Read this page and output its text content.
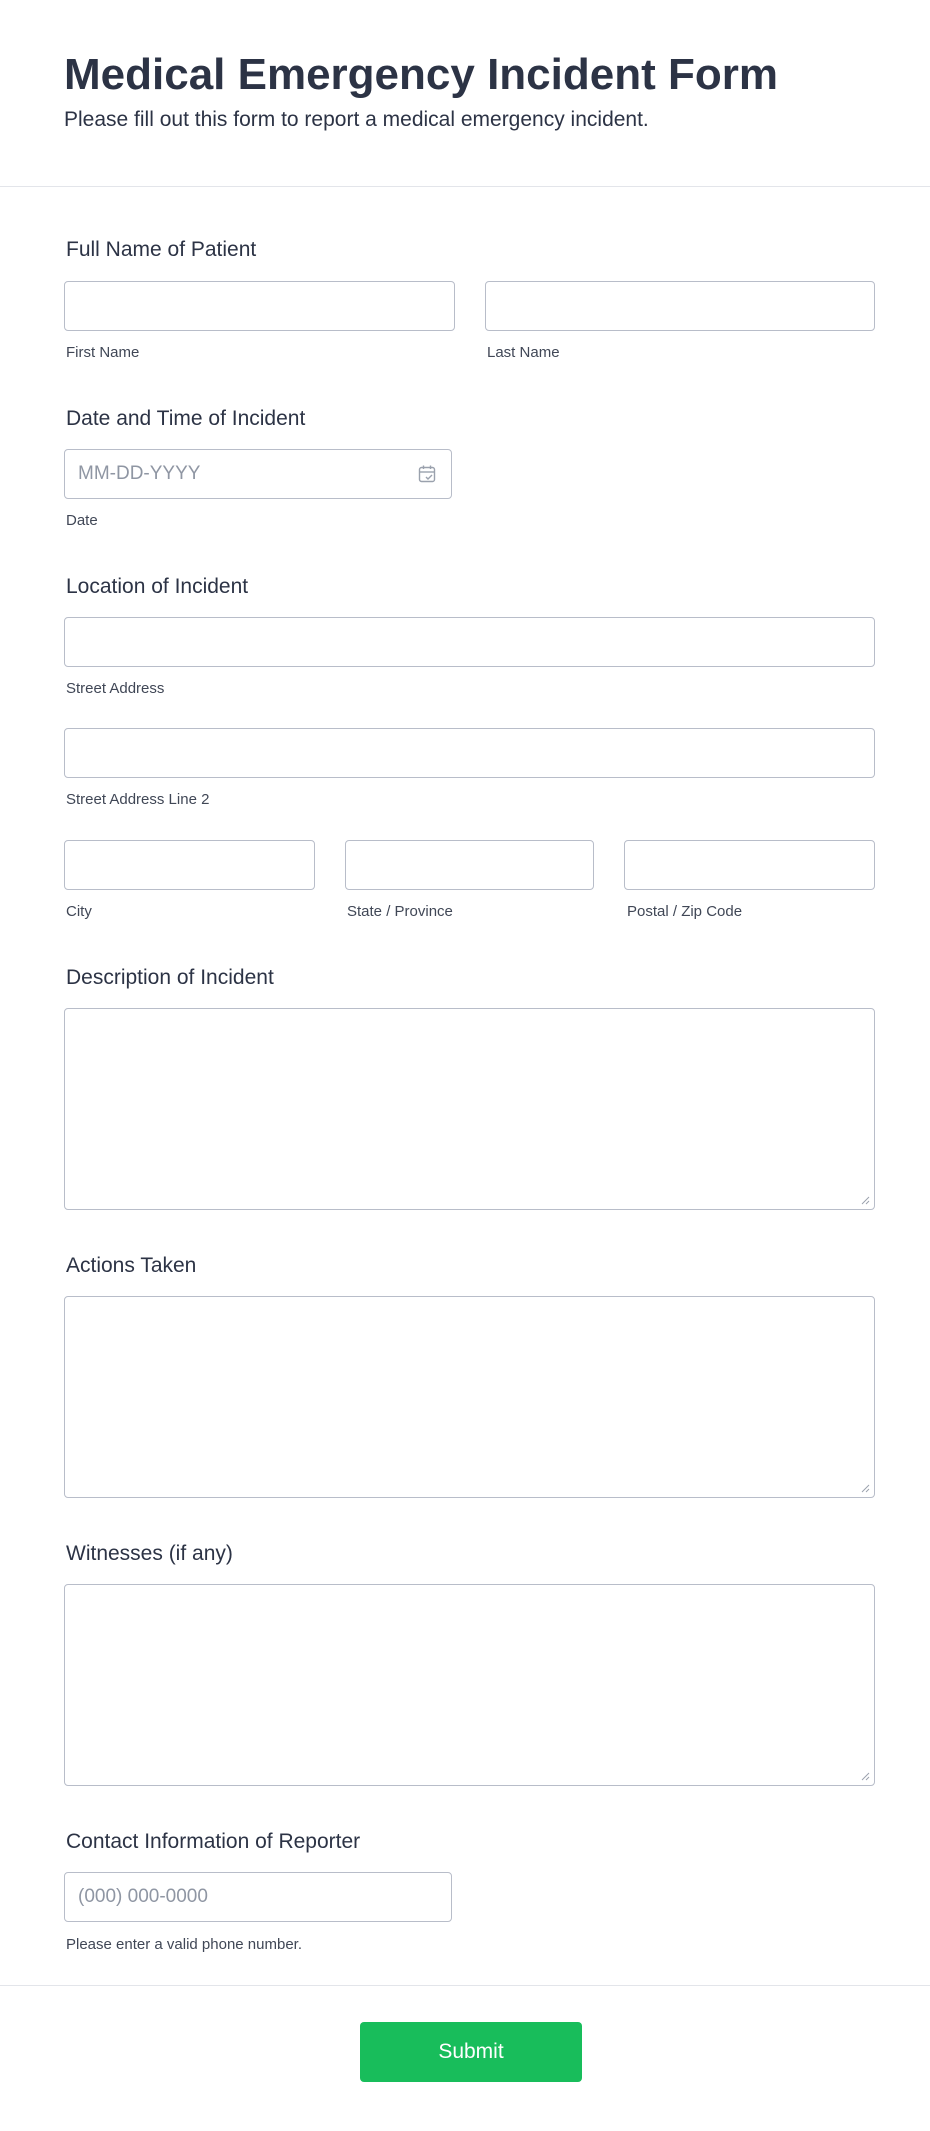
Medical Emergency Incident Form

Please fill out this form to report a medical emergency incident.

Full Name of Patient
First Name	Last Name
Date and Time of Incident
MM-DD-YYYY
Date
Location of Incident
Street Address
Street Address Line 2
City	State / Province	Postal / Zip Code
Description of Incident
Actions Taken
Witnesses (if any)
Contact Information of Reporter
(000) 000-0000
Please enter a valid phone number.
Submit
